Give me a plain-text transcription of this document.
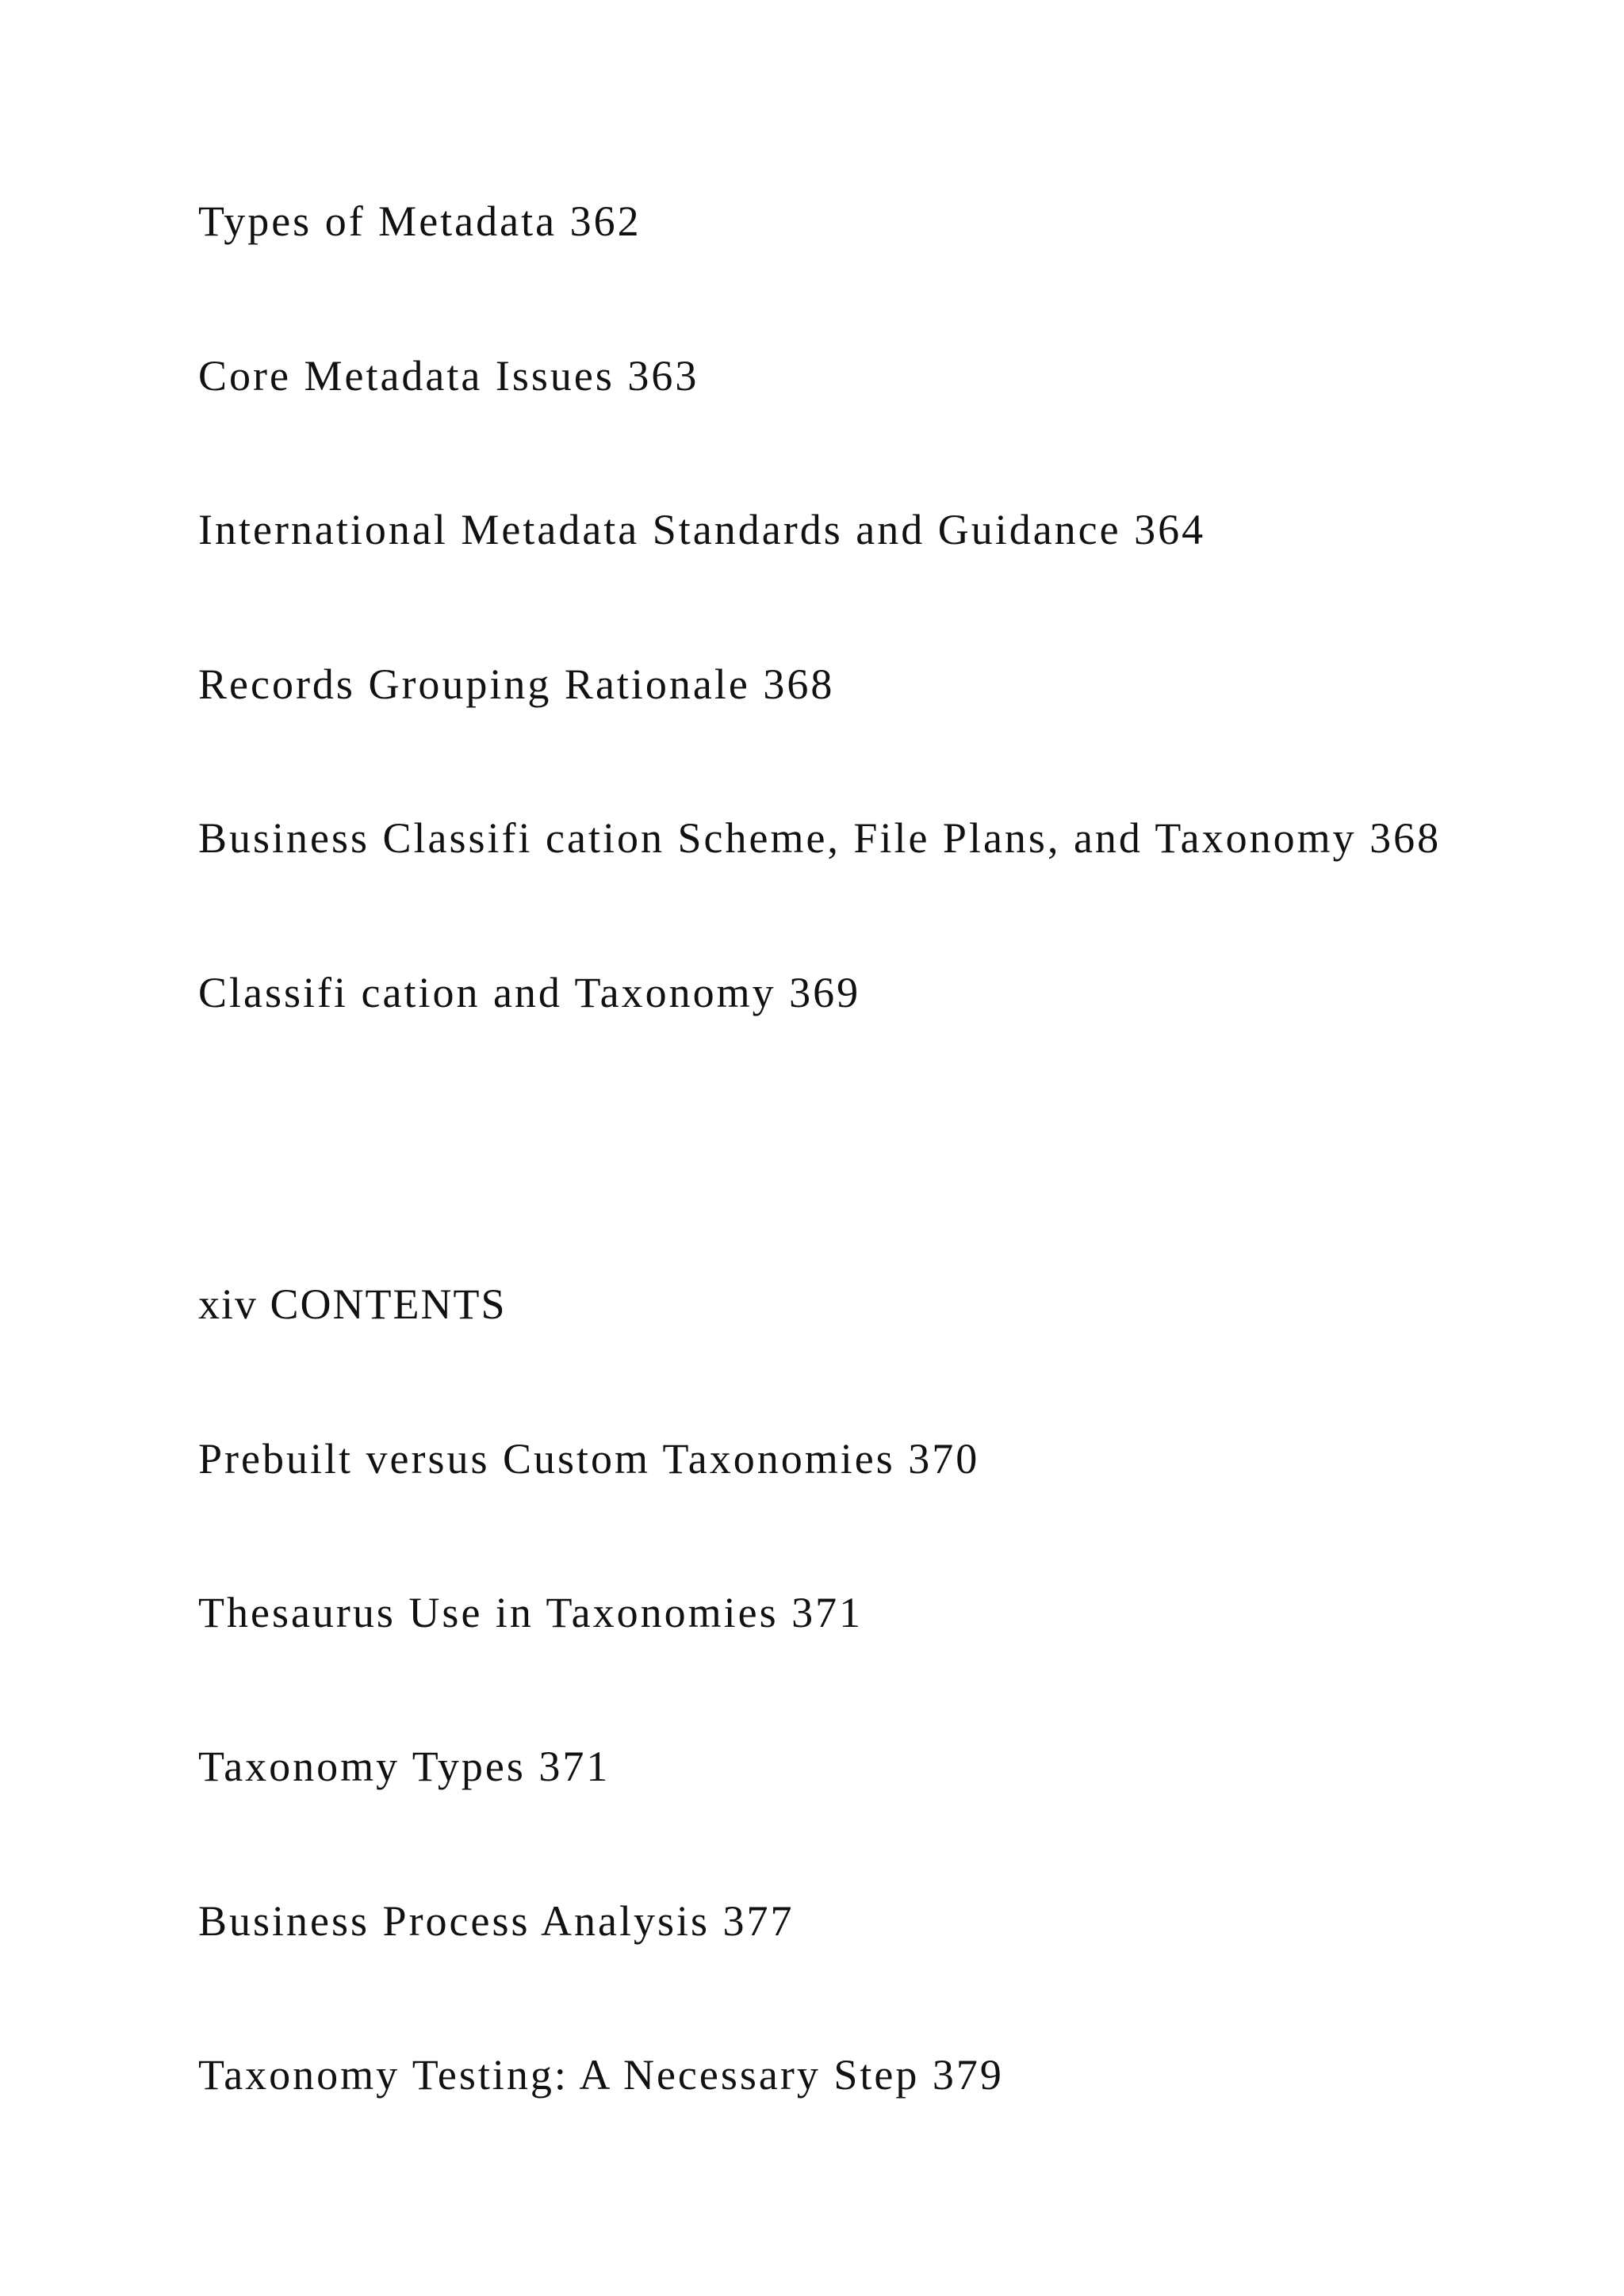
Types of Metadata 362

Core Metadata Issues 363

International Metadata Standards and Guidance 364

Records Grouping Rationale 368

Business Classifi cation Scheme, File Plans, and Taxonomy 368

Classifi cation and Taxonomy 369

xiv CONTENTS

Prebuilt versus Custom Taxonomies 370

Thesaurus Use in Taxonomies 371

Taxonomy Types 371

Business Process Analysis 377

Taxonomy Testing: A Necessary Step 379
